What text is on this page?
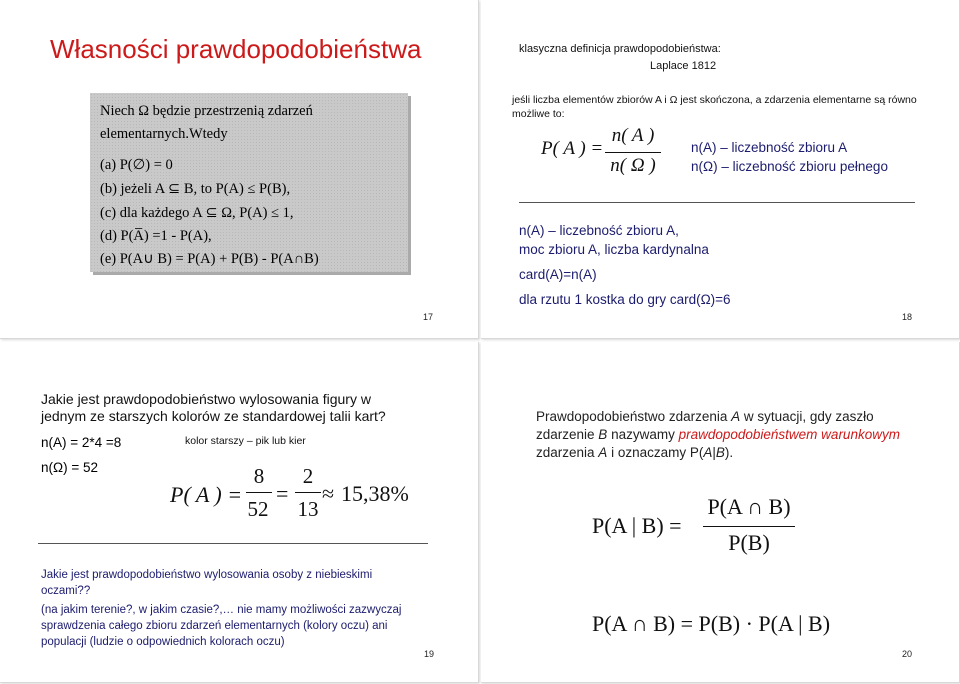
Własności prawdopodobieństwa
Niech Ω będzie przestrzenią zdarzeń
elementarnych.Wtedy
(a) P(∅) = 0
(b) jeżeli A ⊆ B, to P(A) ≤ P(B),
(c) dla każdego A ⊆ Ω, P(A) ≤ 1,
(d) P(A̅) =1 - P(A),
(e) P(A∪ B) = P(A) + P(B) - P(A∩B)
17
klasyczna definicja prawdopodobieństwa:
Laplace 1812
jeśli liczba elementów zbiorów A i Ω jest skończona, a zdarzenia elementarne są równo możliwe to:
P( A ) =
n( A )
n( Ω )
n(A) – liczebność zbioru A
n(Ω) – liczebność zbioru pełnego
n(A) – liczebność zbioru A,
moc zbioru A, liczba kardynalna
card(A)=n(A)
dla rzutu 1 kostka do gry card(Ω)=6
18
Jakie jest prawdopodobieństwo wylosowania figury w
jednym ze starszych kolorów ze standardowej talii kart?
n(A) = 2*4 =8	kolor starszy – pik lub kier
n(Ω) = 52
P( A ) =
8
52
=
2
13
≈ 15,38%
Jakie jest prawdopodobieństwo wylosowania osoby z niebieskimi
oczami??
(na jakim terenie?, w jakim czasie?,… nie mamy możliwości zazwyczaj
sprawdzenia całego zbioru zdarzeń elementarnych (kolory oczu) ani
populacji (ludzie o odpowiednich kolorach oczu)
19
Prawdopodobieństwo zdarzenia A w sytuacji, gdy zaszło zdarzenie B nazywamy prawdopodobieństwem warunkowym zdarzenia A i oznaczamy P(A|B).
P(A | B) =
P(A ∩ B)
P(B)
P(A ∩ B) = P(B) · P(A | B)
20
